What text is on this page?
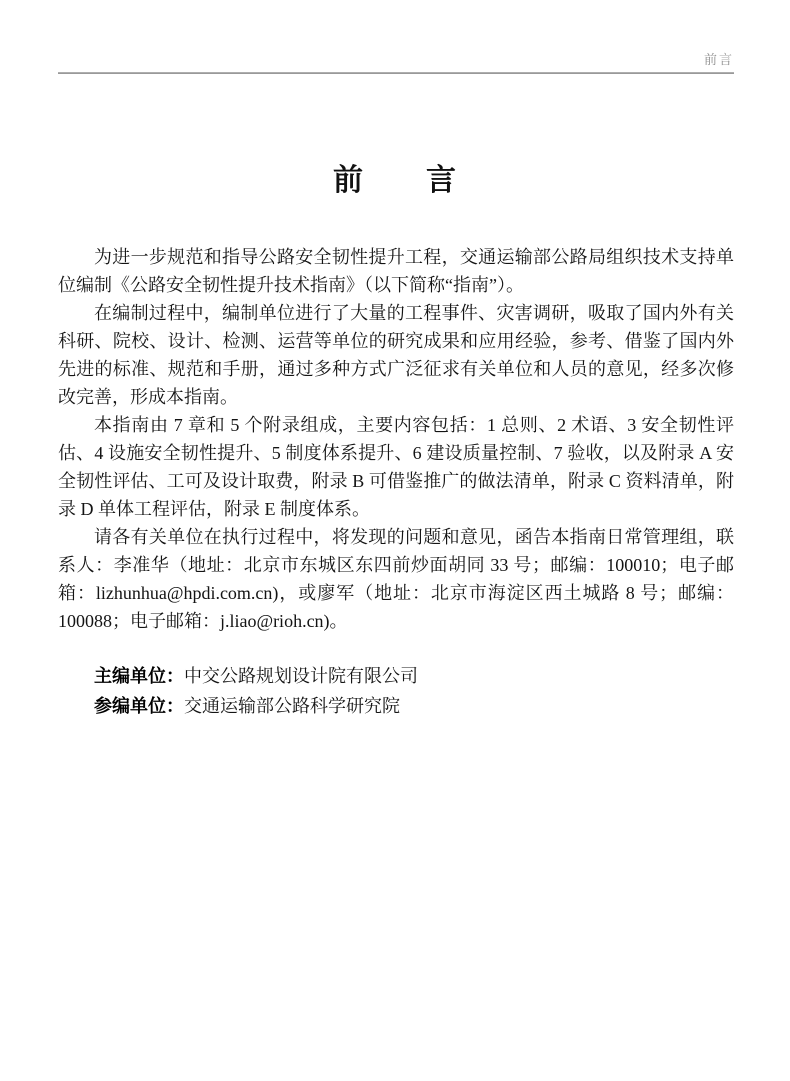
前言
前　　言

为进一步规范和指导公路安全韧性提升工程，交通运输部公路局组织技术支持单位编制《公路安全韧性提升技术指南》（以下简称“指南”）。

在编制过程中，编制单位进行了大量的工程事件、灾害调研，吸取了国内外有关科研、院校、设计、检测、运营等单位的研究成果和应用经验，参考、借鉴了国内外先进的标准、规范和手册，通过多种方式广泛征求有关单位和人员的意见，经多次修改完善，形成本指南。

本指南由 7 章和 5 个附录组成，主要内容包括：1 总则、2 术语、3 安全韧性评估、4 设施安全韧性提升、5 制度体系提升、6 建设质量控制、7 验收，以及附录 A 安全韧性评估、工可及设计取费，附录 B 可借鉴推广的做法清单，附录 C 资料清单，附录 D 单体工程评估，附录 E 制度体系。

请各有关单位在执行过程中，将发现的问题和意见，函告本指南日常管理组，联系人：李准华（地址：北京市东城区东四前炒面胡同 33 号；邮编：100010；电子邮箱：lizhunhua@hpdi.com.cn)，或廖军（地址：北京市海淀区西土城路 8 号；邮编：100088；电子邮箱：j.liao@rioh.cn)。

主编单位：中交公路规划设计院有限公司
参编单位：交通运输部公路科学研究院
